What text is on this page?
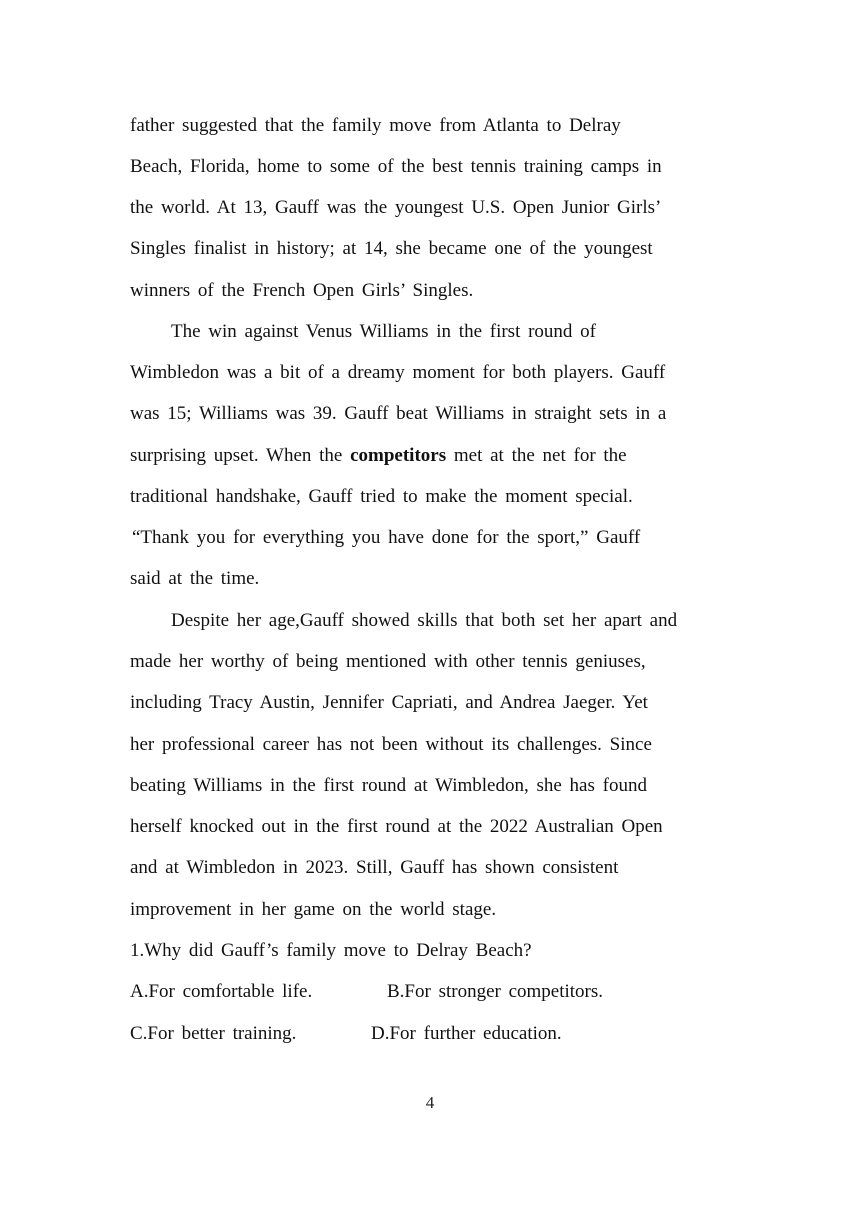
father suggested that the family move from Atlanta to Delray
Beach, Florida, home to some of the best tennis training camps in
the world. At 13, Gauff was the youngest U.S. Open Junior Girls’
Singles finalist in history; at 14, she became one of the youngest
winners of the French Open Girls’ Singles.
The win against Venus Williams in the first round of
Wimbledon was a bit of a dreamy moment for both players. Gauff
was 15; Williams was 39. Gauff beat Williams in straight sets in a
surprising upset. When the competitors met at the net for the
traditional handshake, Gauff tried to make the moment special.
“Thank you for everything you have done for the sport,” Gauff
said at the time.
Despite her age,Gauff showed skills that both set her apart and
made her worthy of being mentioned with other tennis geniuses,
including Tracy Austin, Jennifer Capriati, and Andrea Jaeger. Yet
her professional career has not been without its challenges. Since
beating Williams in the first round at Wimbledon, she has found
herself knocked out in the first round at the 2022 Australian Open
and at Wimbledon in 2023. Still, Gauff has shown consistent
improvement in her game on the world stage.
1.Why did Gauff’s family move to Delray Beach?
A.For comfortable life.	B.For stronger competitors.
C.For better training.	D.For further education.
4
